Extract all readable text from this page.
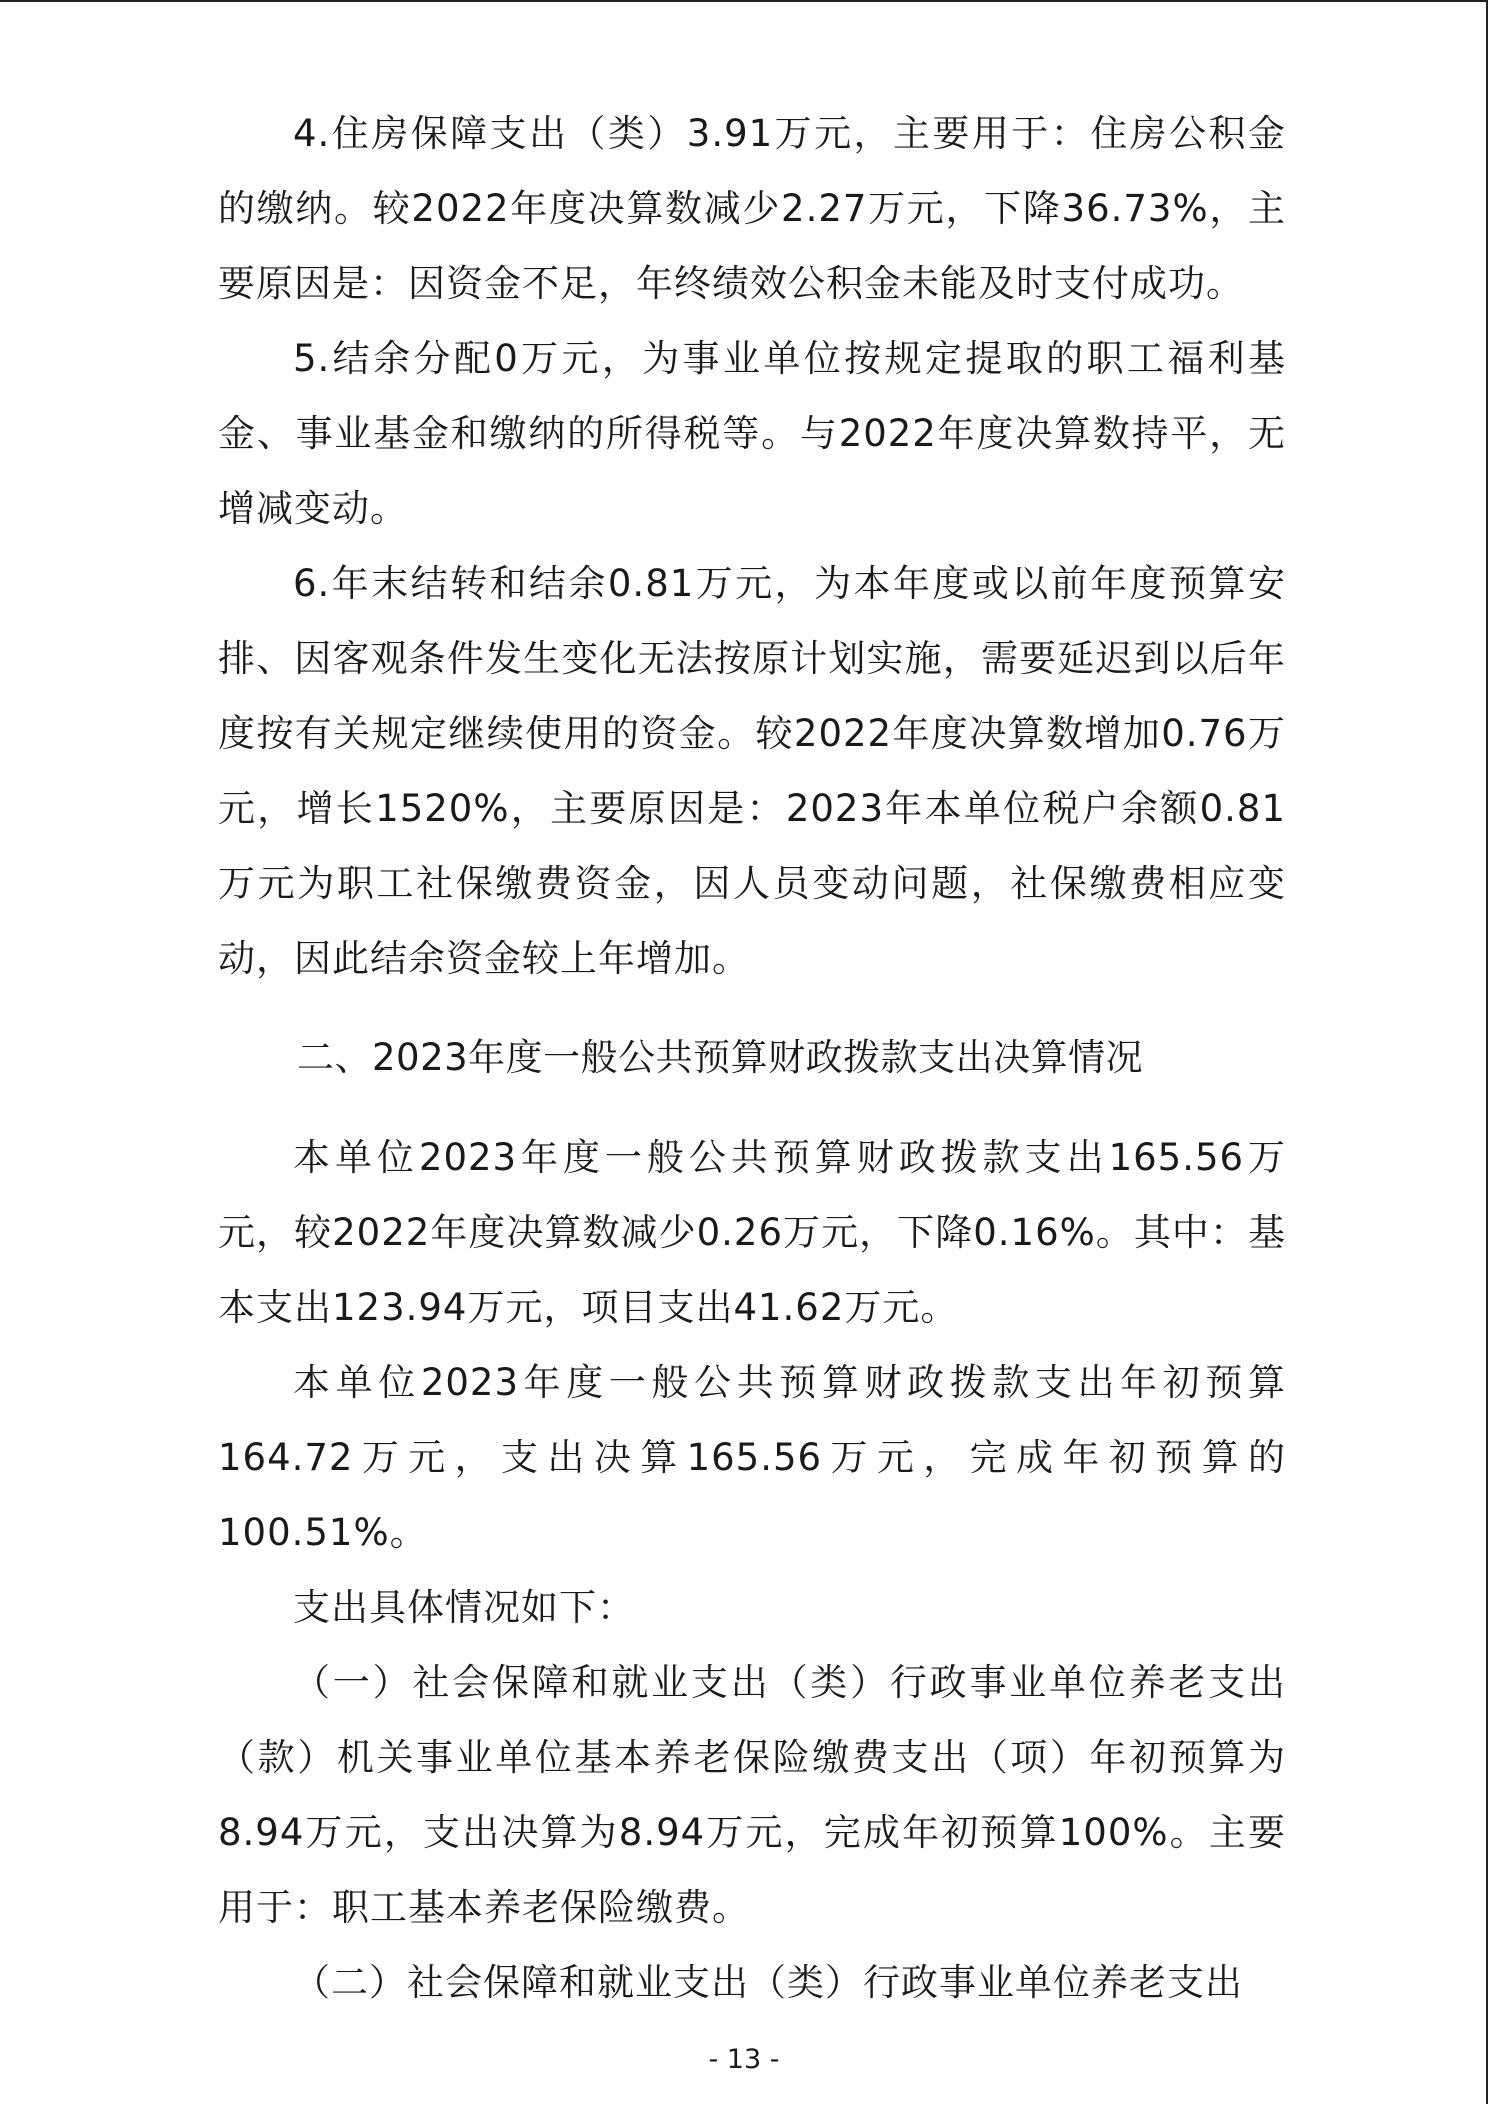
4.住房保障支出（类）3.91万元，主要用于：住房公积金的缴纳。较2022年度决算数减少2.27万元，下降36.73%，主要原因是：因资金不足，年终绩效公积金未能及时支付成功。

5.结余分配0万元，为事业单位按规定提取的职工福利基金、事业基金和缴纳的所得税等。与2022年度决算数持平，无增减变动。

6.年末结转和结余0.81万元，为本年度或以前年度预算安排、因客观条件发生变化无法按原计划实施，需要延迟到以后年度按有关规定继续使用的资金。较2022年度决算数增加0.76万元，增长1520%，主要原因是：2023年本单位税户余额0.81万元为职工社保缴费资金，因人员变动问题，社保缴费相应变动，因此结余资金较上年增加。

二、2023年度一般公共预算财政拨款支出决算情况

本单位2023年度一般公共预算财政拨款支出165.56万元，较2022年度决算数减少0.26万元，下降0.16%。其中：基本支出123.94万元，项目支出41.62万元。

本单位2023年度一般公共预算财政拨款支出年初预算164.72万元，支出决算165.56万元，完成年初预算的100.51%。

支出具体情况如下：

（一）社会保障和就业支出（类）行政事业单位养老支出（款）机关事业单位基本养老保险缴费支出（项）年初预算为8.94万元，支出决算为8.94万元，完成年初预算100%。主要用于：职工基本养老保险缴费。

（二）社会保障和就业支出（类）行政事业单位养老支出

- 13 -
